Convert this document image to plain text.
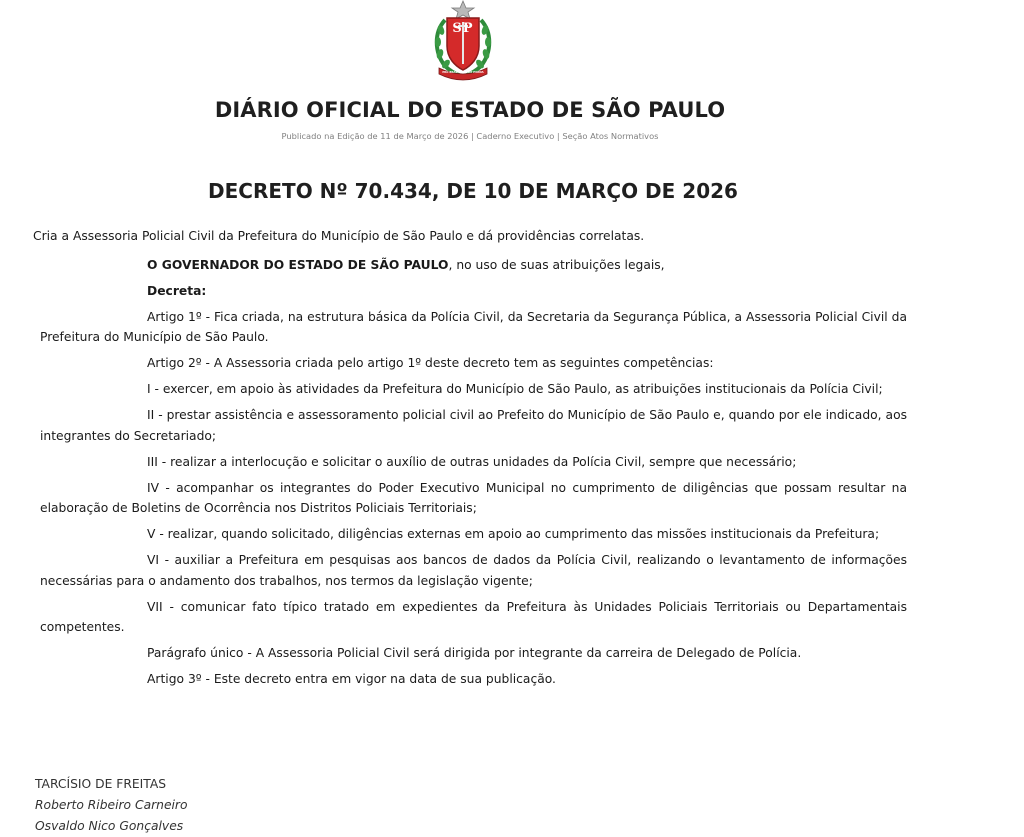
SP
PRO BRASILIA FIANT EXIMIA
DIÁRIO OFICIAL DO ESTADO DE SÃO PAULO
Publicado na Edição de 11 de Março de 2026 | Caderno Executivo | Seção Atos Normativos
DECRETO Nº 70.434, DE 10 DE MARÇO DE 2026
Cria a Assessoria Policial Civil da Prefeitura do Município de São Paulo e dá providências correlatas.

O GOVERNADOR DO ESTADO DE SÃO PAULO, no uso de suas atribuições legais,

Decreta:

Artigo 1º - Fica criada, na estrutura básica da Polícia Civil, da Secretaria da Segurança Pública, a Assessoria Policial Civil da Prefeitura do Município de São Paulo.

Artigo 2º - A Assessoria criada pelo artigo 1º deste decreto tem as seguintes competências:

I - exercer, em apoio às atividades da Prefeitura do Município de São Paulo, as atribuições institucionais da Polícia Civil;

II - prestar assistência e assessoramento policial civil ao Prefeito do Município de São Paulo e, quando por ele indicado, aos integrantes do Secretariado;

III - realizar a interlocução e solicitar o auxílio de outras unidades da Polícia Civil, sempre que necessário;

IV - acompanhar os integrantes do Poder Executivo Municipal no cumprimento de diligências que possam resultar na elaboração de Boletins de Ocorrência nos Distritos Policiais Territoriais;

V - realizar, quando solicitado, diligências externas em apoio ao cumprimento das missões institucionais da Prefeitura;

VI - auxiliar a Prefeitura em pesquisas aos bancos de dados da Polícia Civil, realizando o levantamento de informações necessárias para o andamento dos trabalhos, nos termos da legislação vigente;

VII - comunicar fato típico tratado em expedientes da Prefeitura às Unidades Policiais Territoriais ou Departamentais competentes.

Parágrafo único - A Assessoria Policial Civil será dirigida por integrante da carreira de Delegado de Polícia.

Artigo 3º - Este decreto entra em vigor na data de sua publicação.

TARCÍSIO DE FREITAS
Roberto Ribeiro Carneiro
Osvaldo Nico Gonçalves
